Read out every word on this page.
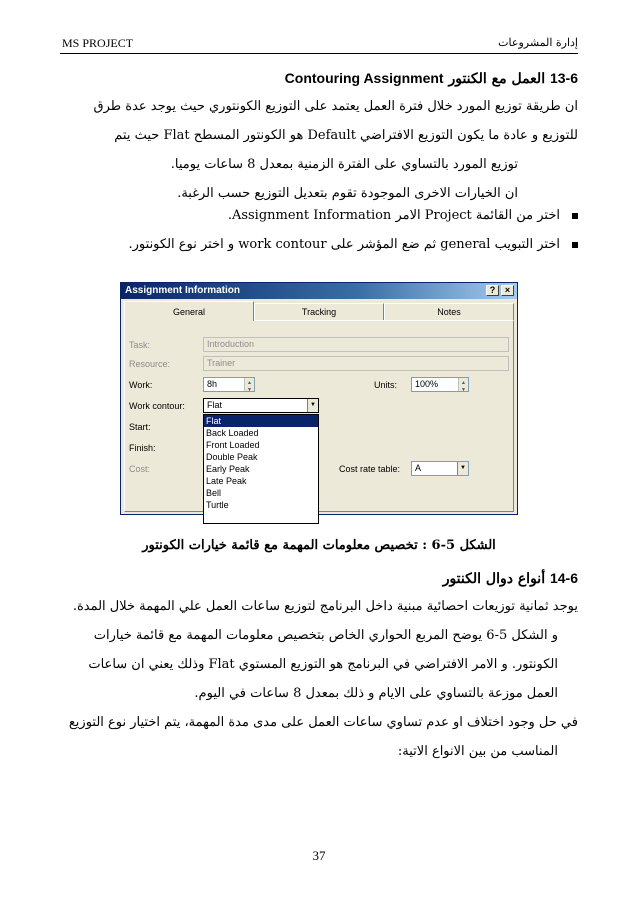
MS PROJECT	إدارة المشروعات
13-6 العمل مع الكنتور Contouring Assignment
ان طريقة توزيع المورد خلال فترة العمل يعتمد على التوزيع الكونتوري حيث يوجد عدة طرق
للتوزيع و عادة ما يكون التوزيع الافتراضي Default هو الكونتور المسطح Flat حيث يتم
توزيع المورد بالتساوي على الفترة الزمنية بمعدل 8 ساعات يوميا.
ان الخيارات الاخرى الموجودة تقوم بتعديل التوزيع حسب الرغبة.
اختر من القائمة Project الامر Assignment Information.
اختر التبويب general ثم ضع المؤشر على work contour و اختر نوع الكونتور.
Assignment Information	?	×
General	Tracking	Notes
Task:	Introduction
Resource:	Trainer
Work:	8h
▲ ▼	Units:	100%
▲ ▼
Work contour:	Flat	▼
Flat
Back Loaded
Front Loaded
Double Peak
Early Peak
Late Peak
Bell
Turtle
Start:
Finish:
Cost:	Cost rate table:	A	▼
الشكل 5-6 : تخصيص معلومات المهمة مع قائمة خيارات الكونتور
14-6 أنواع دوال الكنتور
يوجد ثمانية توزيعات احصائية مبنية داخل البرنامج لتوزيع ساعات العمل علي المهمة خلال المدة.
و الشكل 5-6 يوضح المربع الحواري الخاص بتخصيص معلومات المهمة مع قائمة خيارات
الكونتور. و الامر الافتراضي في البرنامج هو التوزيع المستوي Flat وذلك يعني ان ساعات
العمل موزعة بالتساوي على الايام و ذلك بمعدل 8 ساعات في اليوم.
في حل وجود اختلاف او عدم تساوي ساعات العمل على مدى مدة المهمة، يتم اختيار نوع التوزيع
المناسب من بين الانواع الاتية:
37
